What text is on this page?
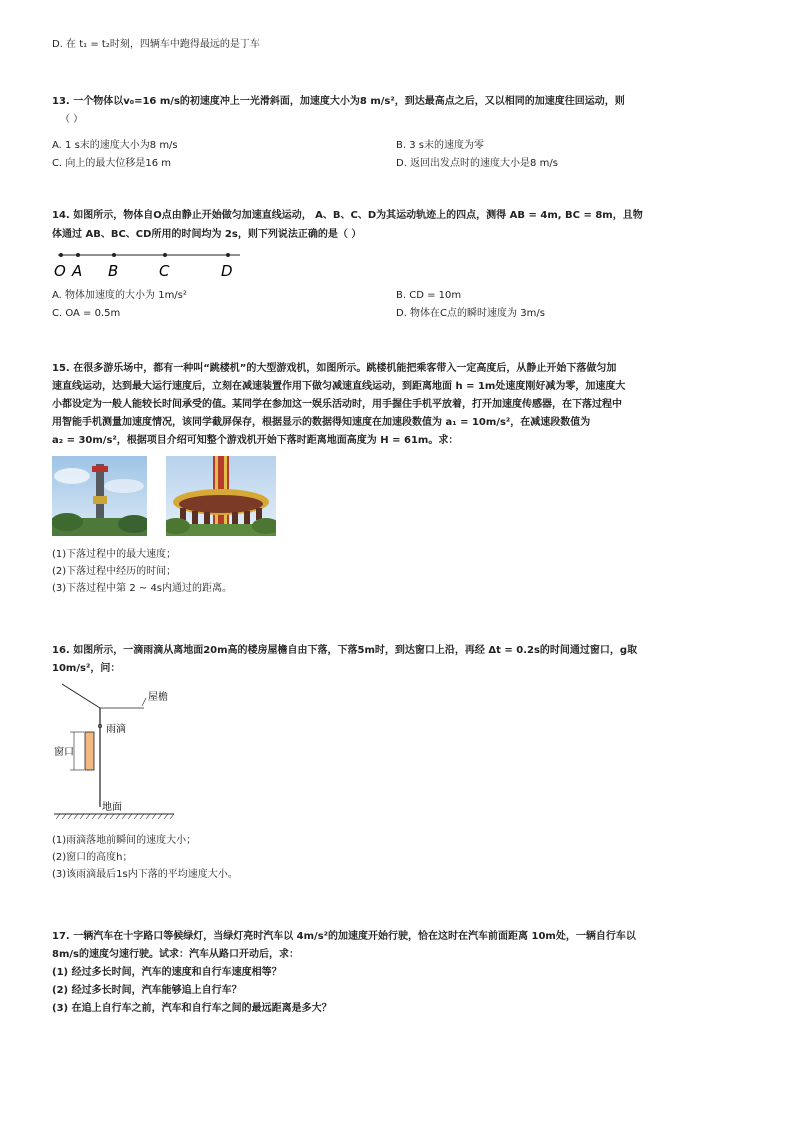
D. 在 t₁ = t₂时刻，四辆车中跑得最远的是丁车
13. 一个物体以v₀=16 m/s的初速度冲上一光滑斜面，加速度大小为8 m/s²，到达最高点之后，又以相同的加速度往回运动，则
（ ）
A. 1 s末的速度大小为8 m/s	B. 3 s末的速度为零
C. 向上的最大位移是16 m	D. 返回出发点时的速度大小是8 m/s
14. 如图所示，物体自O点由静止开始做匀加速直线运动， A、B、C、D为其运动轨迹上的四点，测得 AB = 4m, BC = 8m，且物
体通过 AB、BC、CD所用的时间均为 2s，则下列说法正确的是（ ）
O A B	C	D
A. 物体加速度的大小为 1m/s²	B. CD = 10m
C. OA = 0.5m	D. 物体在C点的瞬时速度为 3m/s
15. 在很多游乐场中，都有一种叫“跳楼机”的大型游戏机，如图所示。跳楼机能把乘客带入一定高度后，从静止开始下落做匀加
速直线运动，达到最大运行速度后，立刻在减速装置作用下做匀减速直线运动，到距离地面 h = 1m处速度刚好减为零，加速度大
小都设定为一般人能较长时间承受的值。某同学在参加这一娱乐活动时，用手握住手机平放着，打开加速度传感器，在下落过程中
用智能手机测量加速度情况，该同学截屏保存，根据显示的数据得知速度在加速段数值为 a₁ = 10m/s²，在减速段数值为
a₂ = 30m/s²，根据项目介绍可知整个游戏机开始下落时距离地面高度为 H = 61m。求：
(1)下落过程中的最大速度；
(2)下落过程中经历的时间；
(3)下落过程中第 2 ~ 4s内通过的距离。
16. 如图所示，一滴雨滴从离地面20m高的楼房屋檐自由下落，下落5m时，到达窗口上沿，再经 Δt = 0.2s的时间通过窗口，g取
10m/s²，问：
屋檐
雨滴
窗口
地面
(1)雨滴落地前瞬间的速度大小；
(2)窗口的高度h；
(3)该雨滴最后1s内下落的平均速度大小。
17. 一辆汽车在十字路口等候绿灯，当绿灯亮时汽车以 4m/s²的加速度开始行驶，恰在这时在汽车前面距离 10m处，一辆自行车以
8m/s的速度匀速行驶。试求：汽车从路口开动后，求：
(1) 经过多长时间，汽车的速度和自行车速度相等？
(2) 经过多长时间，汽车能够追上自行车？
(3) 在追上自行车之前，汽车和自行车之间的最远距离是多大？
